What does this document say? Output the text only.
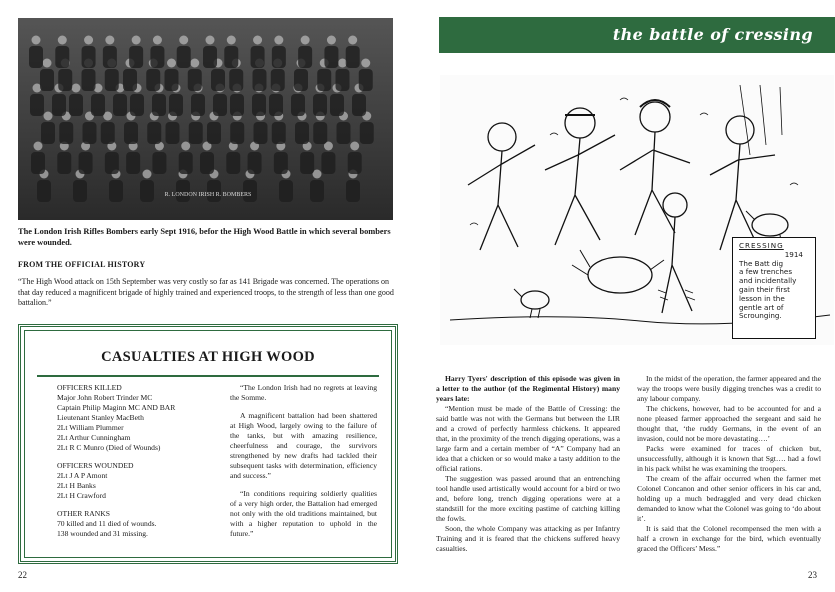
R. LONDON IRISH R. BOMBERS
The London Irish Rifles Bombers early Sept 1916, befor the High Wood Battle in which several bombers were wounded.
FROM THE OFFICIAL HISTORY
“The High Wood attack on 15th September was very costly so far as 141 Brigade was concerned. The operations on that day reduced a magnificent brigade of highly trained and experienced troops, to the strength of less than one good battalion.”
CASUALTIES AT HIGH WOOD
OFFICERS KILLED
Major John Robert Trinder MC
Captain Philip Maginn MC AND BAR
Lieutenant Stanley MacBeth
2Lt William Plummer
2Lt Arthur Cunningham
2Lt R C Munro (Died of Wounds)
OFFICERS WOUNDED
2Lt J A P Amont
2Lt H Banks
2Lt H Crawford
OTHER RANKS
70 killed and 11 died of wounds.
138 wounded and 31 missing.

“The London Irish had no regrets at leaving the Somme.

A magnificent battalion had been shattered at High Wood, largely owing to the failure of the tanks, but with amazing resilience, cheerfulness and courage, the survivors strengthened by new drafts had tackled their subsequent tasks with determination, efficiency and success.”

“In conditions requiring soldierly qualities of a very high order, the Battalion had emerged not only with the old traditions maintained, but with a higher reputation to uphold in the future.”

22
the battle of cressing
CRESSING
1914
The Batt dig
a few trenches
and incidentally
gain their first
lesson in the
gentle art of
Scrounging.

Harry Tyers' description of this episode was given in a letter to the author (of the Regimental History) many years late:

“Mention must be made of the Battle of Cressing: the said battle was not with the Germans but between the LIR and a crowd of perfectly harmless chickens. It appeared that, in the proximity of the trench digging operations, was a large farm and a certain member of “A” Company had an idea that a chicken or so would make a tasty addition to the official rations.

The suggestion was passed around that an entrenching tool handle used artistically would account for a bird or two and, before long, trench digging operations were at a standstill for the more exciting pastime of catching killing the fowls.

Soon, the whole Company was attacking as per Infantry Training and it is feared that the chickens suffered heavy casualties.

In the midst of the operation, the farmer appeared and the way the troops were busily digging trenches was a credit to any labour company.

The chickens, however, had to be accounted for and a none pleased farmer approached the sergeant and said he thought that, ‘the ruddy Germans, in the event of an invasion, could not be more devastating….’

Packs were examined for traces of chicken but, unsuccessfully, although it is known that Sgt…. had a fowl in his pack whilst he was examining the troopers.

The cream of the affair occurred when the farmer met Colonel Concanon and other senior officers in his car and, holding up a much bedraggled and very dead chicken demanded to know what the Colonel was going to ‘do about it’.

It is said that the Colonel recompensed the men with a half a crown in exchange for the bird, which eventually graced the Officers’ Mess.”

23
